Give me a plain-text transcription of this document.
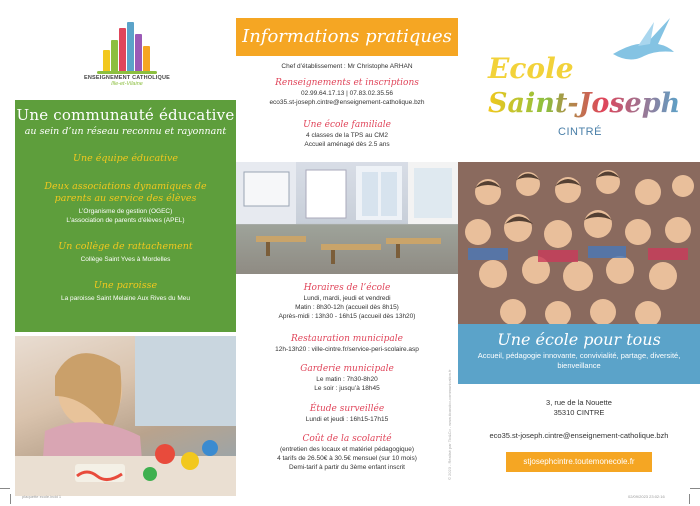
ENSEIGNEMENT CATHOLIQUE
Ille-et-Vilaine
Une communauté éducative
au sein d’un réseau reconnu et rayonnant
Une équipe éducative
Deux associations dynamiques de parents au service des élèves
L’Organisme de gestion (OGEC)
L’association de parents d’élèves (APEL)
Un collège de rattachement
Collège Saint Yves à Mordelles
Une paroisse
La paroisse Saint Melaine Aux Rives du Meu
Informations pratiques
Chef d’établissement : Mr Christophe ARHAN
Renseignements et inscriptions
02.99.64.17.13 | 07.83.02.35.56
eco35.st-joseph.cintre@enseignement-catholique.bzh
Une école familiale
4 classes de la TPS au CM2
Accueil aménagé dès 2.5 ans
Horaires de l’école
Lundi, mardi, jeudi et vendredi
Matin : 8h30-12h (accueil dès 8h15)
Après-midi : 13h30 - 16h15 (accueil dès 13h20)
Restauration municipale
12h-13h20 : ville-cintre.fr/service-peri-scolaire.asp
Garderie municipale
Le matin : 7h30-8h20
Le soir : jusqu’à 18h45
Étude surveillée
Lundi et jeudi : 16h15-17h15
Coût de la scolarité
(entretien des locaux et matériel pédagogique)
4 tarifs de 26.50€ à 30.5€ mensuel (sur 10 mois)
Demi-tarif à partir du 3ème enfant inscrit	© 2023 - Réalisé par Tic&Co - www.ticandco-communication.fr
Ecole
Saint-Joseph
CINTRÉ
Une école pour tous

Accueil, pédagogie innovante, convivialité, partage, diversité, bienveillance

3, rue de la Nouette
35310 CINTRE
eco35.st-joseph.cintre@enseignement-catholique.bzh
stjosephcintre.toutemonecole.fr
plaquette ecole.indd 1	02/09/2023 23:02:16
